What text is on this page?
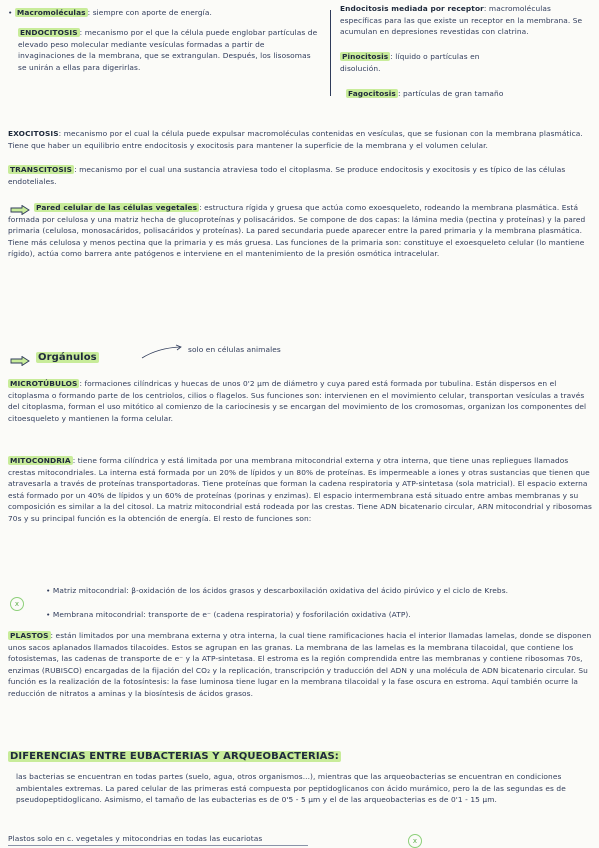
• Macromoléculas : siempre con aporte de energía.
ENDOCITOSIS : mecanismo por el que la célula puede englobar partículas de elevado peso molecular mediante vesículas formadas a partir de invaginaciones de la membrana, que se extrangulan. Después, los lisosomas se unirán a ellas para digerirlas.
Endocitosis mediada por receptor: macromoléculas específicas para las que existe un receptor en la membrana. Se acumulan en depresiones revestidas con clatrina.
Pinocitosis : líquido o partículas en disolución.
Fagocitosis : partículas de gran tamaño
EXOCITOSIS: mecanismo por el cual la célula puede expulsar macromoléculas contenidas en vesículas, que se fusionan con la membrana plasmática. Tiene que haber un equilibrio entre endocitosis y exocitosis para mantener la superficie de la membrana y el volumen celular.
TRANSCITOSIS : mecanismo por el cual una sustancia atraviesa todo el citoplasma. Se produce endocitosis y exocitosis y es típico de las células endoteliales.
Pared celular de las células vegetales : estructura rígida y gruesa que actúa como exoesqueleto, rodeando la membrana plasmática. Está formada por celulosa y una matriz hecha de glucoproteínas y polisacáridos. Se compone de dos capas: la lámina media (pectina y proteínas) y la pared primaria (celulosa, monosacáridos, polisacáridos y proteínas). La pared secundaria puede aparecer entre la pared primaria y la membrana plasmática. Tiene más celulosa y menos pectina que la primaria y es más gruesa. Las funciones de la primaria son: constituye el exoesqueleto celular (lo mantiene rígido), actúa como barrera ante patógenos e interviene en el mantenimiento de la presión osmótica intracelular.
Orgánulos
solo en células animales
MICROTÚBULOS : formaciones cilíndricas y huecas de unos 0'2 µm de diámetro y cuya pared está formada por tubulina. Están dispersos en el citoplasma o formando parte de los centriolos, cilios o flagelos. Sus funciones son: intervienen en el movimiento celular, transportan vesículas a través del citoplasma, forman el uso mitótico al comienzo de la cariocinesis y se encargan del movimiento de los cromosomas, organizan los componentes del citoesqueleto y mantienen la forma celular.
MITOCONDRIA : tiene forma cilíndrica y está limitada por una membrana mitocondrial externa y otra interna, que tiene unas repliegues llamados crestas mitocondriales. La interna está formada por un 20% de lípidos y un 80% de proteínas. Es impermeable a iones y otras sustancias que tienen que atravesarla a través de proteínas transportadoras. Tiene proteínas que forman la cadena respiratoria y ATP-sintetasa (sola matricial). El espacio externa está formado por un 40% de lípidos y un 60% de proteínas (porinas y enzimas). El espacio intermembrana está situado entre ambas membranas y su composición es similar a la del citosol. La matriz mitocondrial está rodeada por las crestas. Tiene ADN bicatenario circular, ARN mitocondrial y ribosomas 70s y su principal función es la obtención de energía. El resto de funciones son:
x
• Matriz mitocondrial: β-oxidación de los ácidos grasos y descarboxilación oxidativa del ácido pirúvico y el ciclo de Krebs.
• Membrana mitocondrial: transporte de e⁻ (cadena respiratoria) y fosforilación oxidativa (ATP).
PLASTOS : están limitados por una membrana externa y otra interna, la cual tiene ramificaciones hacia el interior llamadas lamelas, donde se disponen unos sacos aplanados llamados tilacoides. Estos se agrupan en las granas. La membrana de las lamelas es la membrana tilacoidal, que contiene los fotosistemas, las cadenas de transporte de e⁻ y la ATP-sintetasa. El estroma es la región comprendida entre las membranas y contiene ribosomas 70s, enzimas (RUBISCO) encargadas de la fijación del CO₂ y la replicación, transcripción y traducción del ADN y una molécula de ADN bicatenario circular. Su función es la realización de la fotosíntesis: la fase luminosa tiene lugar en la membrana tilacoidal y la fase oscura en estroma. Aquí también ocurre la reducción de nitratos a aminas y la biosíntesis de ácidos grasos.
DIFERENCIAS ENTRE EUBACTERIAS Y ARQUEOBACTERIAS:
las bacterias se encuentran en todas partes (suelo, agua, otros organismos...), mientras que las arqueobacterias se encuentran en condiciones ambientales extremas. La pared celular de las primeras está compuesta por peptidoglicanos con ácido murámico, pero la de las segundas es de pseudopeptidoglicano. Asimismo, el tamaño de las eubacterias es de 0'5 - 5 µm y el de las arqueobacterias es de 0'1 - 15 µm.
Plastos solo en c. vegetales y mitocondrias en todas las eucariotas	x
